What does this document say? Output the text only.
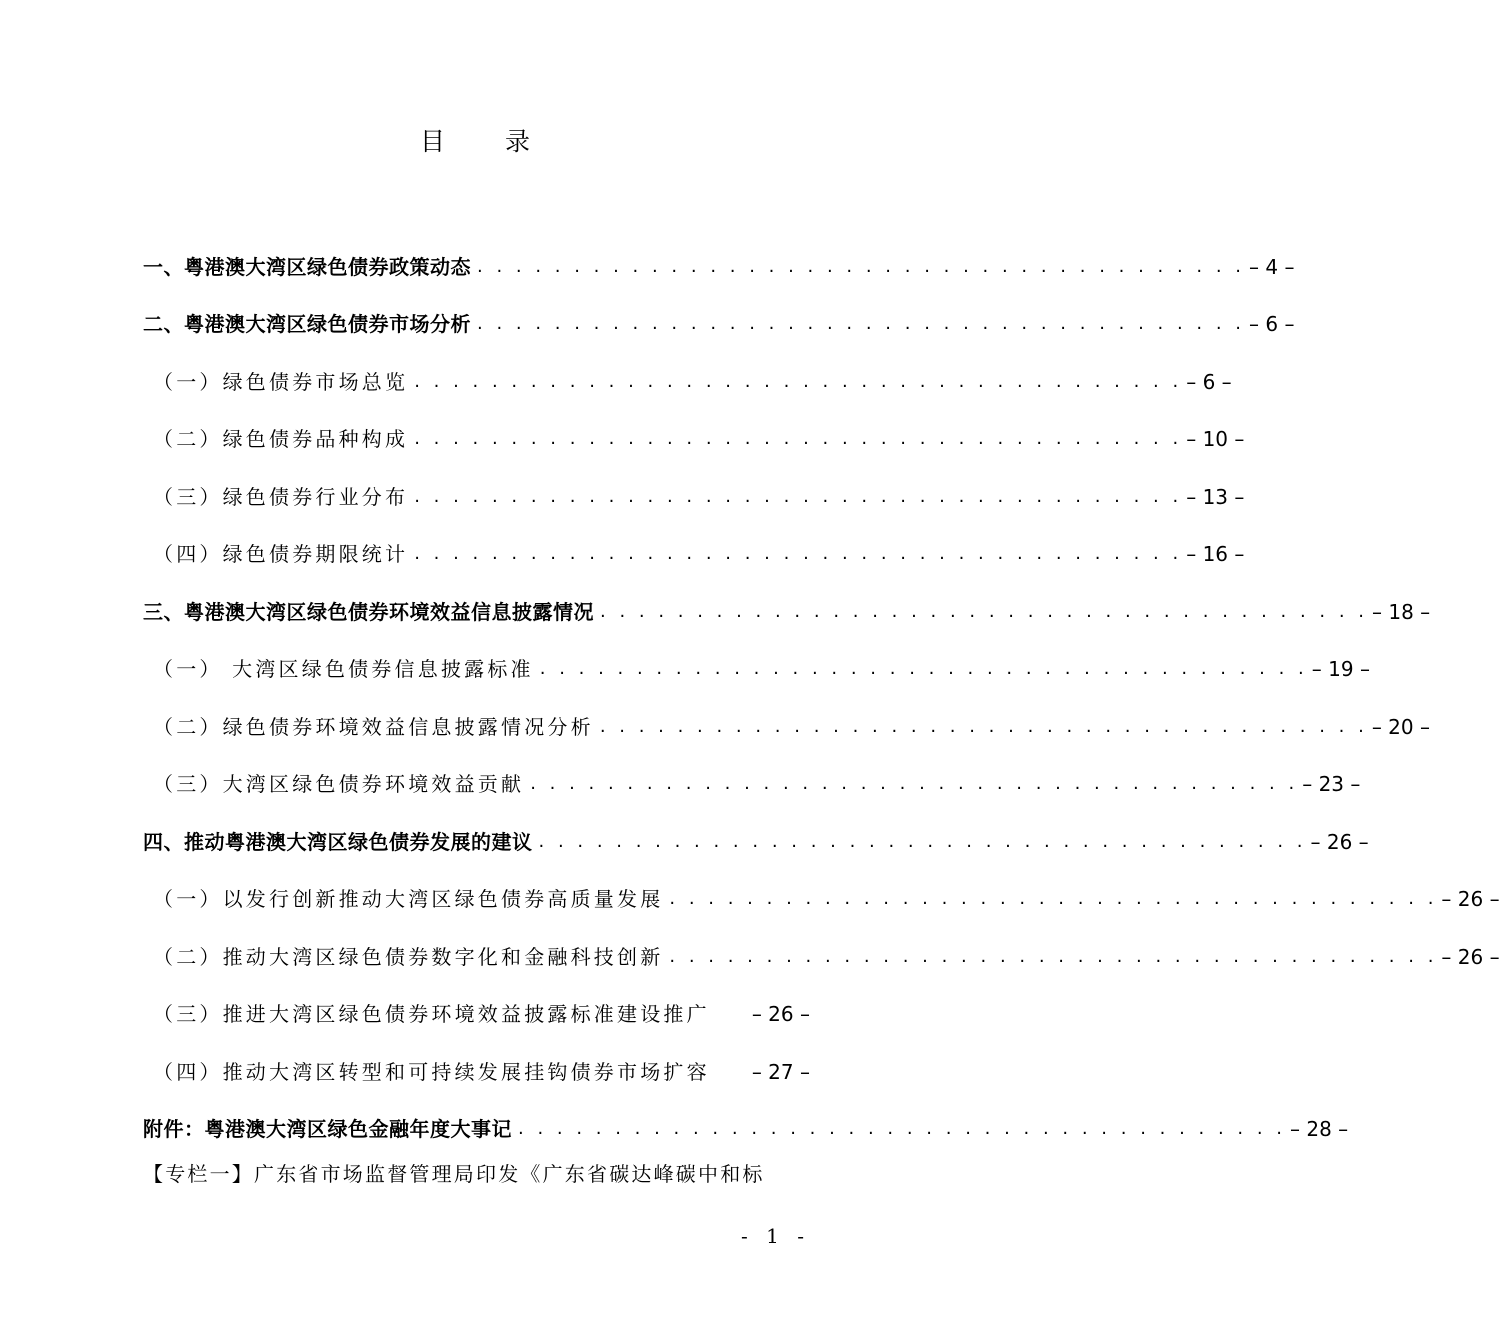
目 录
一、粤港澳大湾区绿色债券政策动态 . . . . . . . . . . . . . . . . . . . . . . . . . . . . . . . . . . . . . . . . – 4 –
二、粤港澳大湾区绿色债券市场分析 . . . . . . . . . . . . . . . . . . . . . . . . . . . . . . . . . . . . . . . . – 6 –
（一）绿色债券市场总览 . . . . . . . . . . . . . . . . . . . . . . . . . . . . . . . . . . . . . . . . – 6 –
（二）绿色债券品种构成 . . . . . . . . . . . . . . . . . . . . . . . . . . . . . . . . . . . . . . . . – 10 –
（三）绿色债券行业分布 . . . . . . . . . . . . . . . . . . . . . . . . . . . . . . . . . . . . . . . . – 13 –
（四）绿色债券期限统计 . . . . . . . . . . . . . . . . . . . . . . . . . . . . . . . . . . . . . . . . – 16 –
三、粤港澳大湾区绿色债券环境效益信息披露情况 . . . . . . . . . . . . . . . . . . . . . . . . . . . . . . . . . . . . . . . . – 18 –
（一） 大湾区绿色债券信息披露标准 . . . . . . . . . . . . . . . . . . . . . . . . . . . . . . . . . . . . . . . . – 19 –
（二）绿色债券环境效益信息披露情况分析 . . . . . . . . . . . . . . . . . . . . . . . . . . . . . . . . . . . . . . . . – 20 –
（三）大湾区绿色债券环境效益贡献 . . . . . . . . . . . . . . . . . . . . . . . . . . . . . . . . . . . . . . . . – 23 –
四、推动粤港澳大湾区绿色债券发展的建议 . . . . . . . . . . . . . . . . . . . . . . . . . . . . . . . . . . . . . . . . – 26 –
（一）以发行创新推动大湾区绿色债券高质量发展 . . . . . . . . . . . . . . . . . . . . . . . . . . . . . . . . . . . . . . . . – 26 –
（二）推动大湾区绿色债券数字化和金融科技创新 . . . . . . . . . . . . . . . . . . . . . . . . . . . . . . . . . . . . . . . . – 26 –
（三）推进大湾区绿色债券环境效益披露标准建设推广 – 26 –
（四）推动大湾区转型和可持续发展挂钩债券市场扩容 – 27 –
附件：粤港澳大湾区绿色金融年度大事记 . . . . . . . . . . . . . . . . . . . . . . . . . . . . . . . . . . . . . . . . – 28 –
【专栏一】广东省市场监督管理局印发《广东省碳达峰碳中和标
- 1 -
